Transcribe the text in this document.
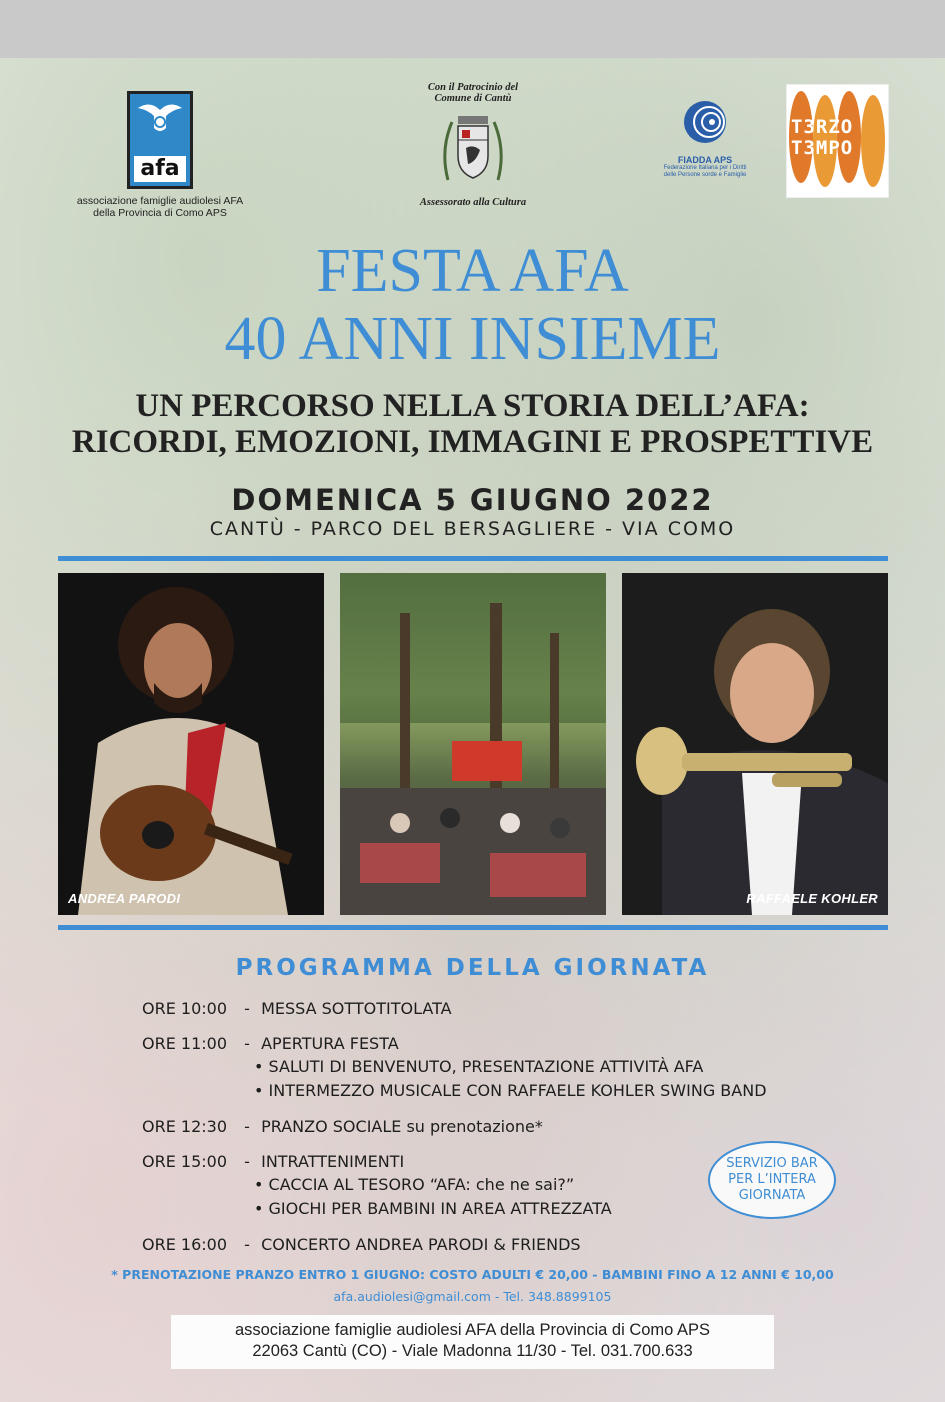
afa
associazione famiglie audiolesi AFA
della Provincia di Como APS
Con il Patrocinio del
Comune di Cantù
Assessorato alla Cultura
FIADDA APS
Federazione Italiana per i Diritti
delle Persone sorde e Famiglie
T3RZO
T3MPO
FESTA AFA
40 ANNI INSIEME
UN PERCORSO NELLA STORIA DELL’AFA:
RICORDI, EMOZIONI, IMMAGINI E PROSPETTIVE
DOMENICA 5 GIUGNO 2022
CANTÙ - PARCO DEL BERSAGLIERE - VIA COMO
ANDREA PARODI	RAFFAELE KOHLER
PROGRAMMA DELLA GIORNATA
ORE 10:00 - MESSA SOTTOTITOLATA
ORE 11:00 - APERTURA FESTA
• SALUTI DI BENVENUTO, PRESENTAZIONE ATTIVITÀ AFA
• INTERMEZZO MUSICALE CON RAFFAELE KOHLER SWING BAND
ORE 12:30 - PRANZO SOCIALE su prenotazione*
ORE 15:00 - INTRATTENIMENTI
• CACCIA AL TESORO “AFA: che ne sai?”
• GIOCHI PER BAMBINI IN AREA ATTREZZATA
ORE 16:00 - CONCERTO ANDREA PARODI & FRIENDS
SERVIZIO BAR
PER L’INTERA
GIORNATA
* PRENOTAZIONE PRANZO ENTRO 1 GIUGNO: COSTO ADULTI € 20,00 - BAMBINI FINO A 12 ANNI € 10,00
afa.audiolesi@gmail.com - Tel. 348.8899105
associazione famiglie audiolesi AFA della Provincia di Como APS
22063 Cantù (CO) - Viale Madonna 11/30 - Tel. 031.700.633
